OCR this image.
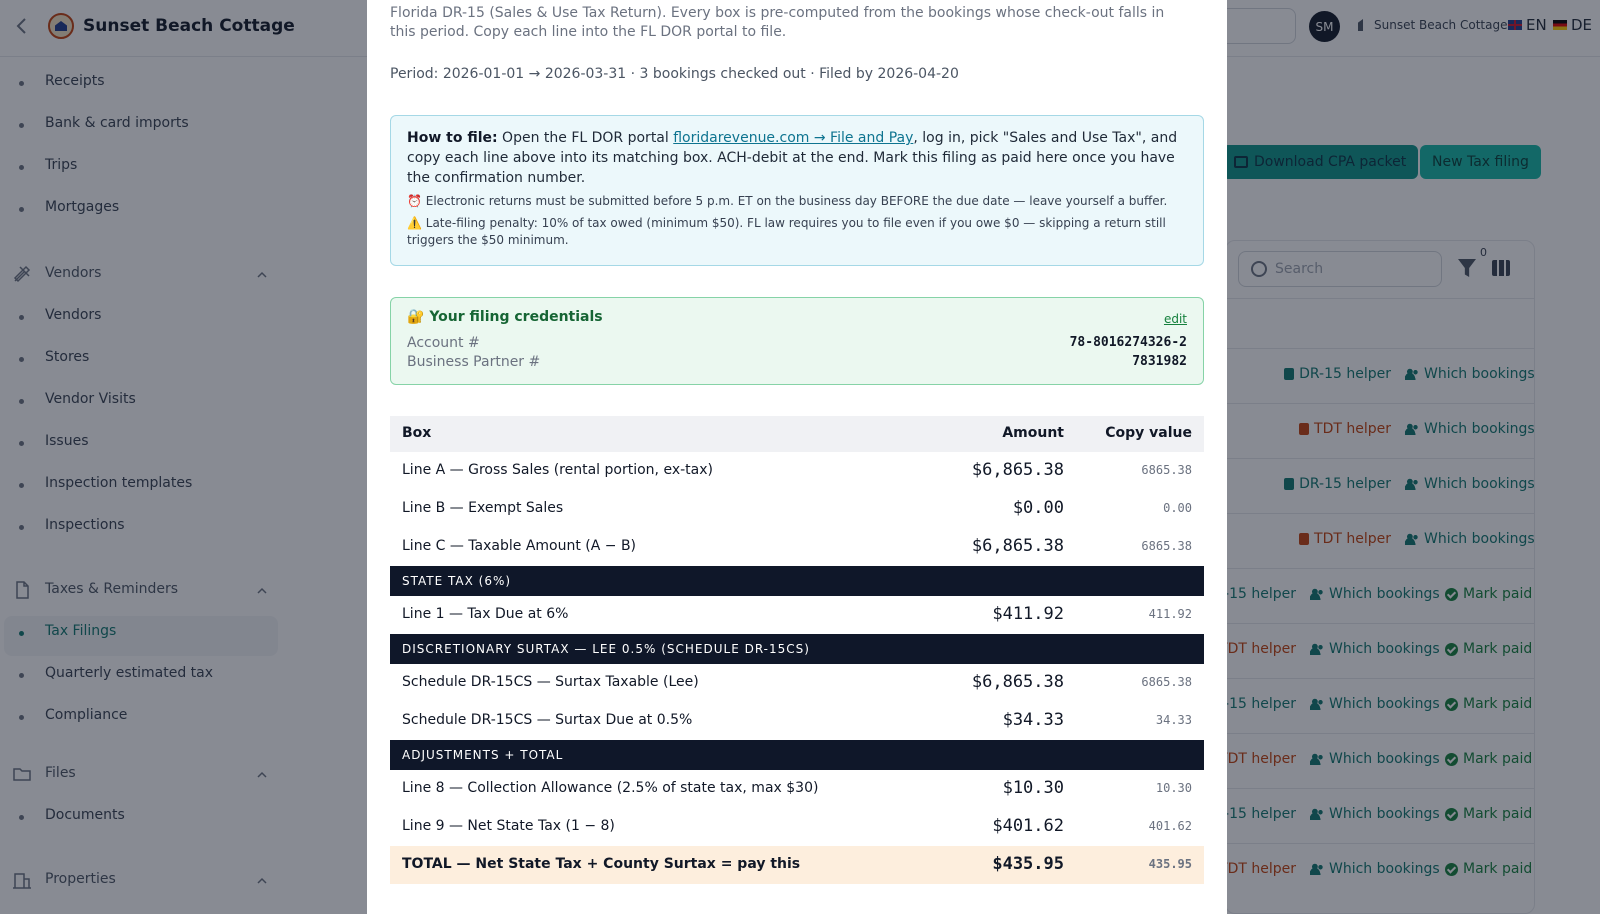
Florida DR-15 (Sales & Use Tax Return). Every box is pre-computed from the bookings whose check-out falls in this period. Copy each line into the FL DOR portal to file.
Period: 2026-01-01 → 2026-03-31 · 3 bookings checked out · Filed by 2026-04-20
How to file: Open the FL DOR portal floridarevenue.com → File and Pay, log in, pick "Sales and Use Tax", and copy each line above into its matching box. ACH-debit at the end. Mark this filing as paid here once you have the confirmation number.
⏰ Electronic returns must be submitted before 5 p.m. ET on the business day BEFORE the due date — leave yourself a buffer.
⚠️ Late-filing penalty: 10% of tax owed (minimum $50). FL law requires you to file even if you owe $0 — skipping a return still triggers the $50 minimum.
🔐 Your filing credentials	edit
Account #	78-8016274326-2
Business Partner #	7831982
Box	Amount	Copy value
Line A — Gross Sales (rental portion, ex-tax)	$6,865.38	6865.38
Line B — Exempt Sales	$0.00	0.00
Line C — Taxable Amount (A − B)	$6,865.38	6865.38
STATE TAX (6%)
Line 1 — Tax Due at 6%	$411.92	411.92
DISCRETIONARY SURTAX — LEE 0.5% (SCHEDULE DR-15CS)
Schedule DR-15CS — Surtax Taxable (Lee)	$6,865.38	6865.38
Schedule DR-15CS — Surtax Due at 0.5%	$34.33	34.33
ADJUSTMENTS + TOTAL
Line 8 — Collection Allowance (2.5% of state tax, max $30)	$10.30	10.30
Line 9 — Net State Tax (1 − 8)	$401.62	401.62
TOTAL — Net State Tax + County Surtax = pay this	$435.95	435.95
